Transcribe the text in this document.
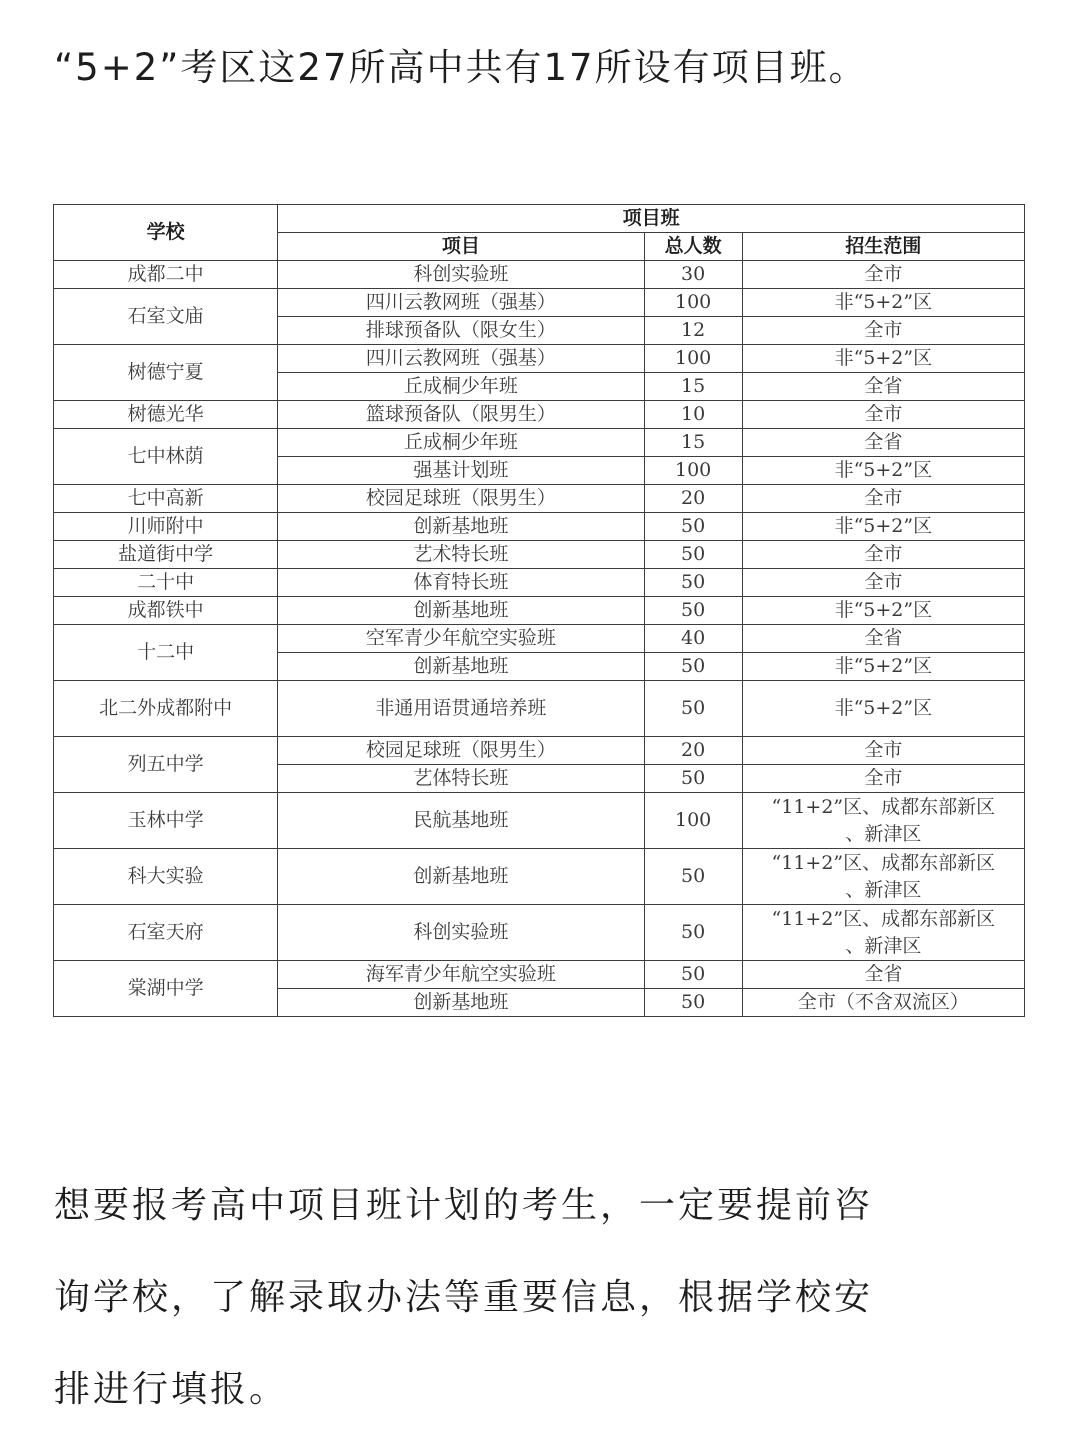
“5+2”考区这27所高中共有17所设有项目班。
学校	项目班		
	项目	总人数	招生范围
成都二中	科创实验班	30	全市
石室文庙	四川云教网班（强基）	100	非“5+2”区
	排球预备队（限女生）	12	全市
树德宁夏	四川云教网班（强基）	100	非“5+2”区
	丘成桐少年班	15	全省
树德光华	篮球预备队（限男生）	10	全市
七中林荫	丘成桐少年班	15	全省
	强基计划班	100	非“5+2”区
七中高新	校园足球班（限男生）	20	全市
川师附中	创新基地班	50	非“5+2”区
盐道街中学	艺术特长班	50	全市
二十中	体育特长班	50	全市
成都铁中	创新基地班	50	非“5+2”区
十二中	空军青少年航空实验班	40	全省
	创新基地班	50	非“5+2”区
北二外成都附中	非通用语贯通培养班	50	非“5+2”区
列五中学	校园足球班（限男生）	20	全市
	艺体特长班	50	全市
玉林中学	民航基地班	100	“11+2”区、成都东部新区
、新津区

科大实验	创新基地班	50	“11+2”区、成都东部新区
、新津区

石室天府	科创实验班	50	“11+2”区、成都东部新区
、新津区

棠湖中学	海军青少年航空实验班	50	全省
	创新基地班	50	全市（不含双流区）
想要报考高中项目班计划的考生，一定要提前咨
询学校，了解录取办法等重要信息，根据学校安
排进行填报。
